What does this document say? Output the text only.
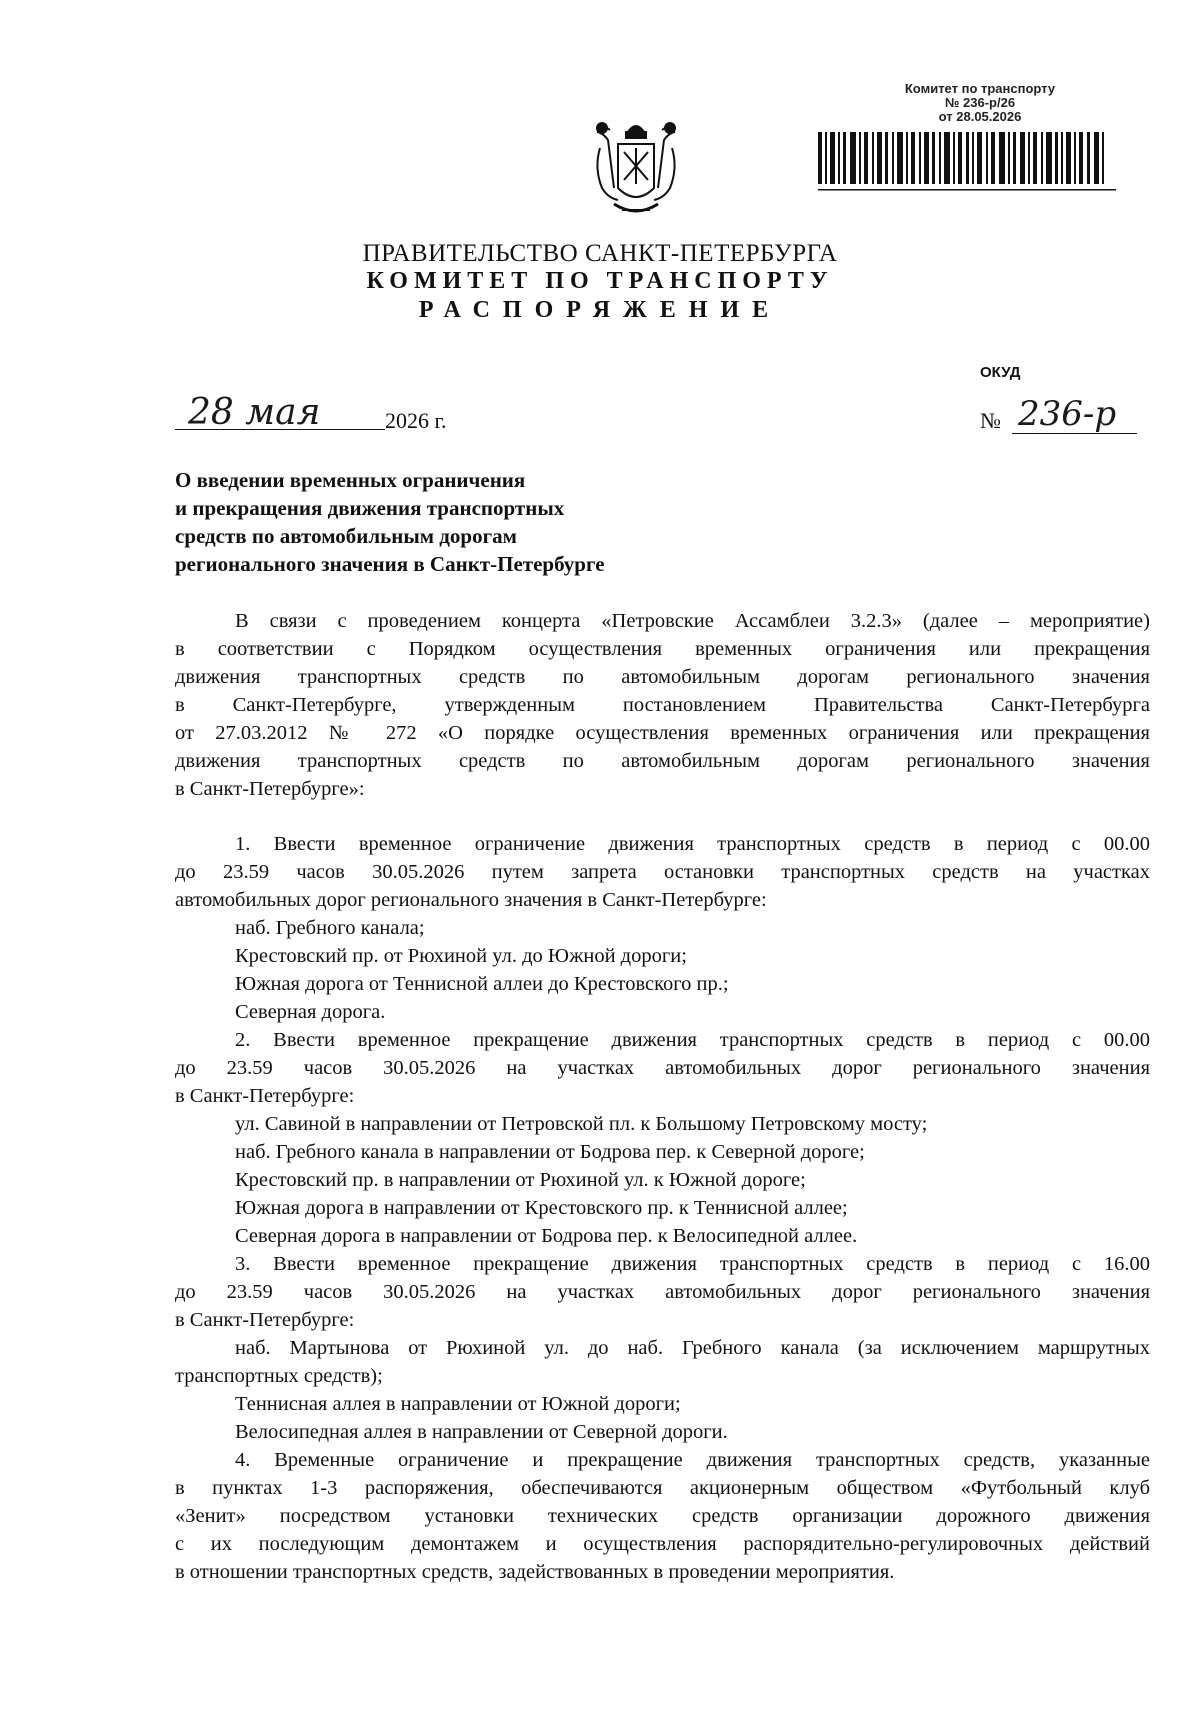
Комитет по транспорту
№ 236-р/26
от 28.05.2026
ПРАВИТЕЛЬСТВО САНКТ-ПЕТЕРБУРГА
КОМИТЕТ ПО ТРАНСПОРТУ
РАСПОРЯЖЕНИЕ
ОКУД
28 мая	2026 г.	№ 236-р
О введении временных ограничения
и прекращения движения транспортных
средств по автомобильным дорогам
регионального значения в Санкт-Петербурге
В связи с проведением концерта «Петровские Ассамблеи 3.2.3» (далее – мероприятие)
в соответствии с Порядком осуществления временных ограничения или прекращения
движения транспортных средств по автомобильным дорогам регионального значения
в Санкт-Петербурге, утвержденным постановлением Правительства Санкт-Петербурга
от 27.03.2012 № 272 «О порядке осуществления временных ограничения или прекращения
движения транспортных средств по автомобильным дорогам регионального значения
в Санкт-Петербурге»:
1. Ввести временное ограничение движения транспортных средств в период с 00.00
до 23.59 часов 30.05.2026 путем запрета остановки транспортных средств на участках
автомобильных дорог регионального значения в Санкт-Петербурге:
наб. Гребного канала;
Крестовский пр. от Рюхиной ул. до Южной дороги;
Южная дорога от Теннисной аллеи до Крестовского пр.;
Северная дорога.
2. Ввести временное прекращение движения транспортных средств в период с 00.00
до 23.59 часов 30.05.2026 на участках автомобильных дорог регионального значения
в Санкт-Петербурге:
ул. Савиной в направлении от Петровской пл. к Большому Петровскому мосту;
наб. Гребного канала в направлении от Бодрова пер. к Северной дороге;
Крестовский пр. в направлении от Рюхиной ул. к Южной дороге;
Южная дорога в направлении от Крестовского пр. к Теннисной аллее;
Северная дорога в направлении от Бодрова пер. к Велосипедной аллее.
3. Ввести временное прекращение движения транспортных средств в период с 16.00
до 23.59 часов 30.05.2026 на участках автомобильных дорог регионального значения
в Санкт-Петербурге:
наб. Мартынова от Рюхиной ул. до наб. Гребного канала (за исключением маршрутных
транспортных средств);
Теннисная аллея в направлении от Южной дороги;
Велосипедная аллея в направлении от Северной дороги.
4. Временные ограничение и прекращение движения транспортных средств, указанные
в пунктах 1-3 распоряжения, обеспечиваются акционерным обществом «Футбольный клуб
«Зенит» посредством установки технических средств организации дорожного движения
с их последующим демонтажем и осуществления распорядительно-регулировочных действий
в отношении транспортных средств, задействованных в проведении мероприятия.
